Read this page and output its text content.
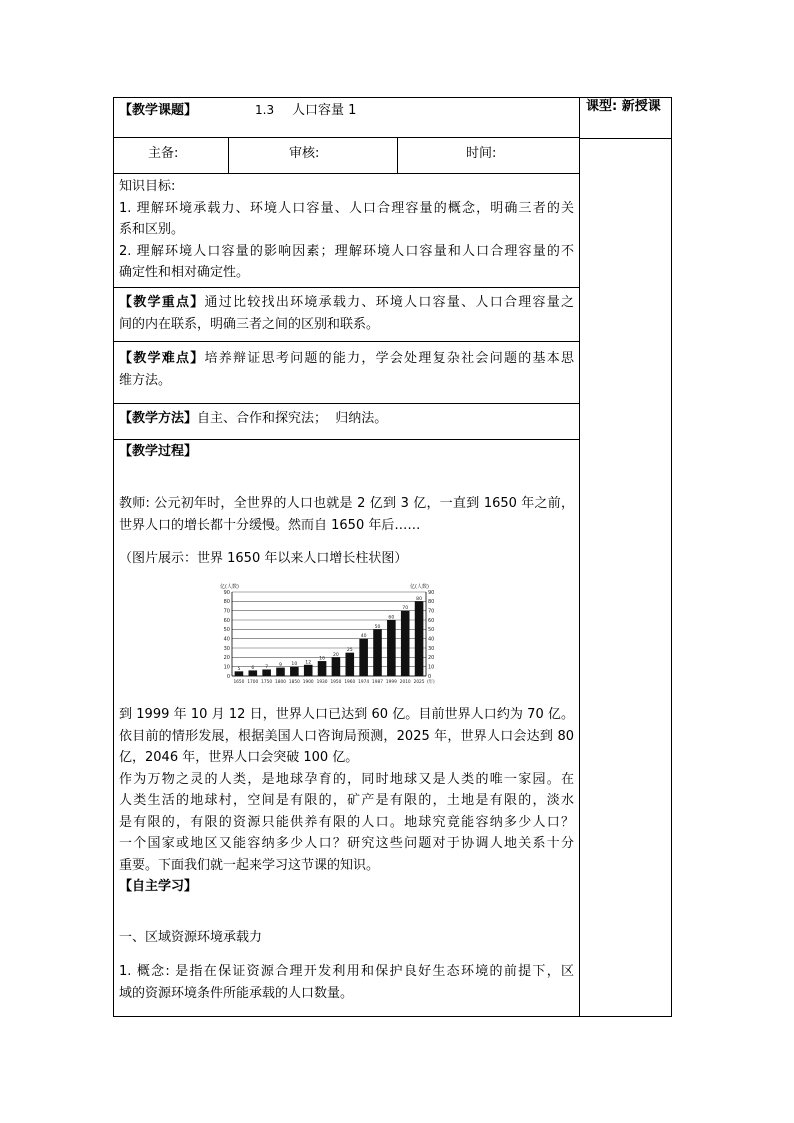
【教学课题】	1.3 人口容量 1	课型: 新授课
主备:	审核:	时间:
知识目标:
1. 理解环境承载力、环境人口容量、人口合理容量的概念，明确三者的关
系和区别。
2. 理解环境人口容量的影响因素；理解环境人口容量和人口合理容量的不
确定性和相对确定性。
【教学重点】通过比较找出环境承载力、环境人口容量、人口合理容量之
间的内在联系，明确三者之间的区别和联系。
【教学难点】培养辩证思考问题的能力，学会处理复杂社会问题的基本思
维方法。
【教学方法】自主、合作和探究法；  归纳法。
【教学过程】
教师: 公元初年时，全世界的人口也就是 2 亿到 3 亿，一直到 1650 年之前，
世界人口的增长都十分缓慢。然而自 1650 年后……
（图片展示：世界 1650 年以来人口增长柱状图）
0	0
10	10
20	20
30	30
40	40
50	50
60	60
70	70
80	80
90	90
亿(人数)	亿(人数)
5
1650
6
1700
7
1750
9
1800
10
1850
12
1900
16
1930
20
1950
25
1960
40
1974
50
1987
60
1999
70
2010
80
2025 (年)
到 1999 年 10 月 12 日，世界人口已达到 60 亿。目前世界人口约为 70 亿。
依目前的情形发展，根据美国人口咨询局预测，2025 年，世界人口会达到 80
亿，2046 年，世界人口会突破 100 亿。
作为万物之灵的人类，是地球孕育的，同时地球又是人类的唯一家园。在
人类生活的地球村，空间是有限的，矿产是有限的，土地是有限的，淡水
是有限的，有限的资源只能供养有限的人口。地球究竟能容纳多少人口？
一个国家或地区又能容纳多少人口？研究这些问题对于协调人地关系十分
重要。下面我们就一起来学习这节课的知识。
【自主学习】
一、区域资源环境承载力
1. 概念: 是指在保证资源合理开发利用和保护良好生态环境的前提下，区
域的资源环境条件所能承载的人口数量。
